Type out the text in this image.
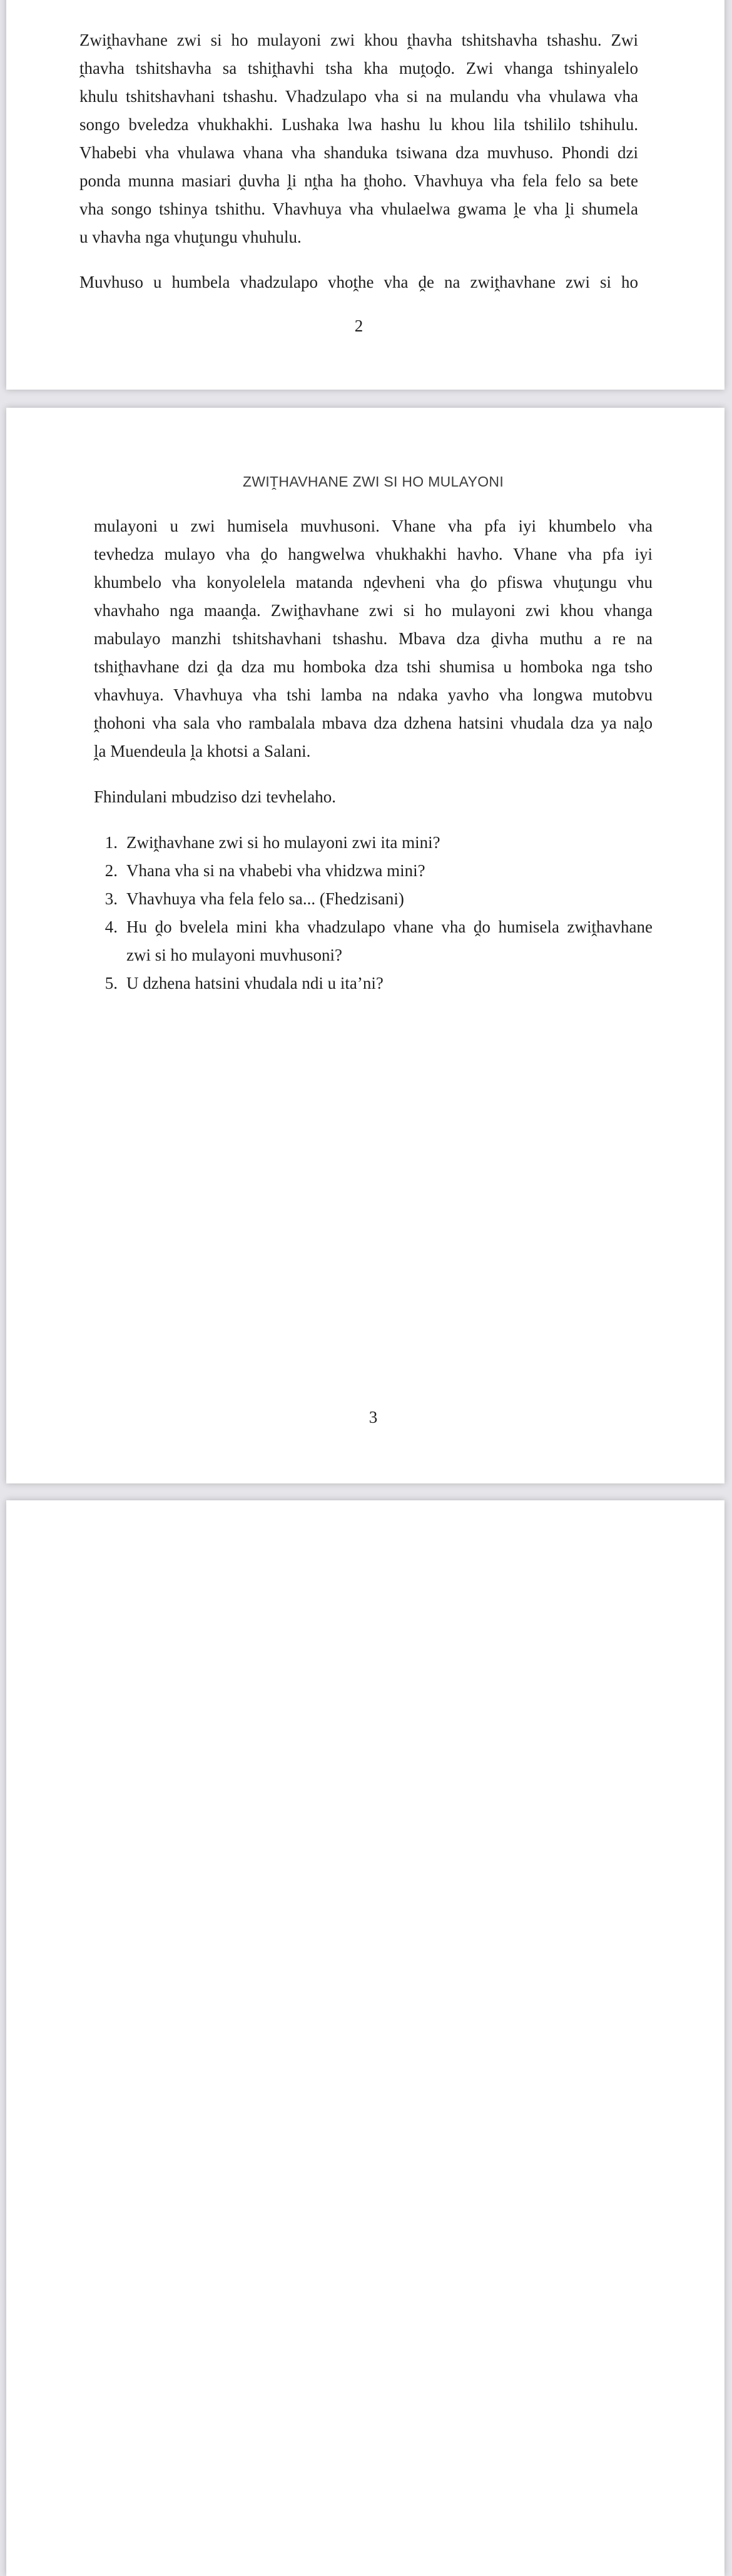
Zwiṱhavhane zwi si ho mulayoni zwi khou ṱhavha tshitshavha tshashu. Zwi
ṱhavha tshitshavha sa tshiṱhavhi tsha kha muṱoḓo. Zwi vhanga tshinyalelo
khulu tshitshavhani tshashu. Vhadzulapo vha si na mulandu vha vhulawa vha
songo bveledza vhukhakhi. Lushaka lwa hashu lu khou lila tshililo tshihulu.
Vhabebi vha vhulawa vhana vha shanduka tsiwana dza muvhuso. Phondi dzi
ponda munna masiari ḓuvha ḽi nṱha ha ṱhoho. Vhavhuya vha fela felo sa bete
vha songo tshinya tshithu. Vhavhuya vha vhulaelwa gwama ḽe vha ḽi shumela
u vhavha nga vhuṱungu vhuhulu.
Muvhuso u humbela vhadzulapo vhoṱhe vha ḓe na zwiṱhavhane zwi si ho
2
ZWIṰHAVHANE ZWI SI HO MULAYONI
mulayoni u zwi humisela muvhusoni. Vhane vha pfa iyi khumbelo vha
tevhedza mulayo vha ḓo hangwelwa vhukhakhi havho. Vhane vha pfa iyi
khumbelo vha konyolelela matanda nḓevheni vha ḓo pfiswa vhuṱungu vhu
vhavhaho nga maanḓa. Zwiṱhavhane zwi si ho mulayoni zwi khou vhanga
mabulayo manzhi tshitshavhani tshashu. Mbava dza ḓivha muthu a re na
tshiṱhavhane dzi ḓa dza mu homboka dza tshi shumisa u homboka nga tsho
vhavhuya. Vhavhuya vha tshi lamba na ndaka yavho vha longwa mutobvu
ṱhohoni vha sala vho rambalala mbava dza dzhena hatsini vhudala dza ya naḽo
ḽa Muendeula ḽa khotsi a Salani.
Fhindulani mbudziso dzi tevhelaho.
1. Zwiṱhavhane zwi si ho mulayoni zwi ita mini?
2. Vhana vha si na vhabebi vha vhidzwa mini?
3. Vhavhuya vha fela felo sa... (Fhedzisani)
4. Hu ḓo bvelela mini kha vhadzulapo vhane vha ḓo humisela zwiṱhavhane
zwi si ho mulayoni muvhusoni?
5. U dzhena hatsini vhudala ndi u ita’ni?
3
